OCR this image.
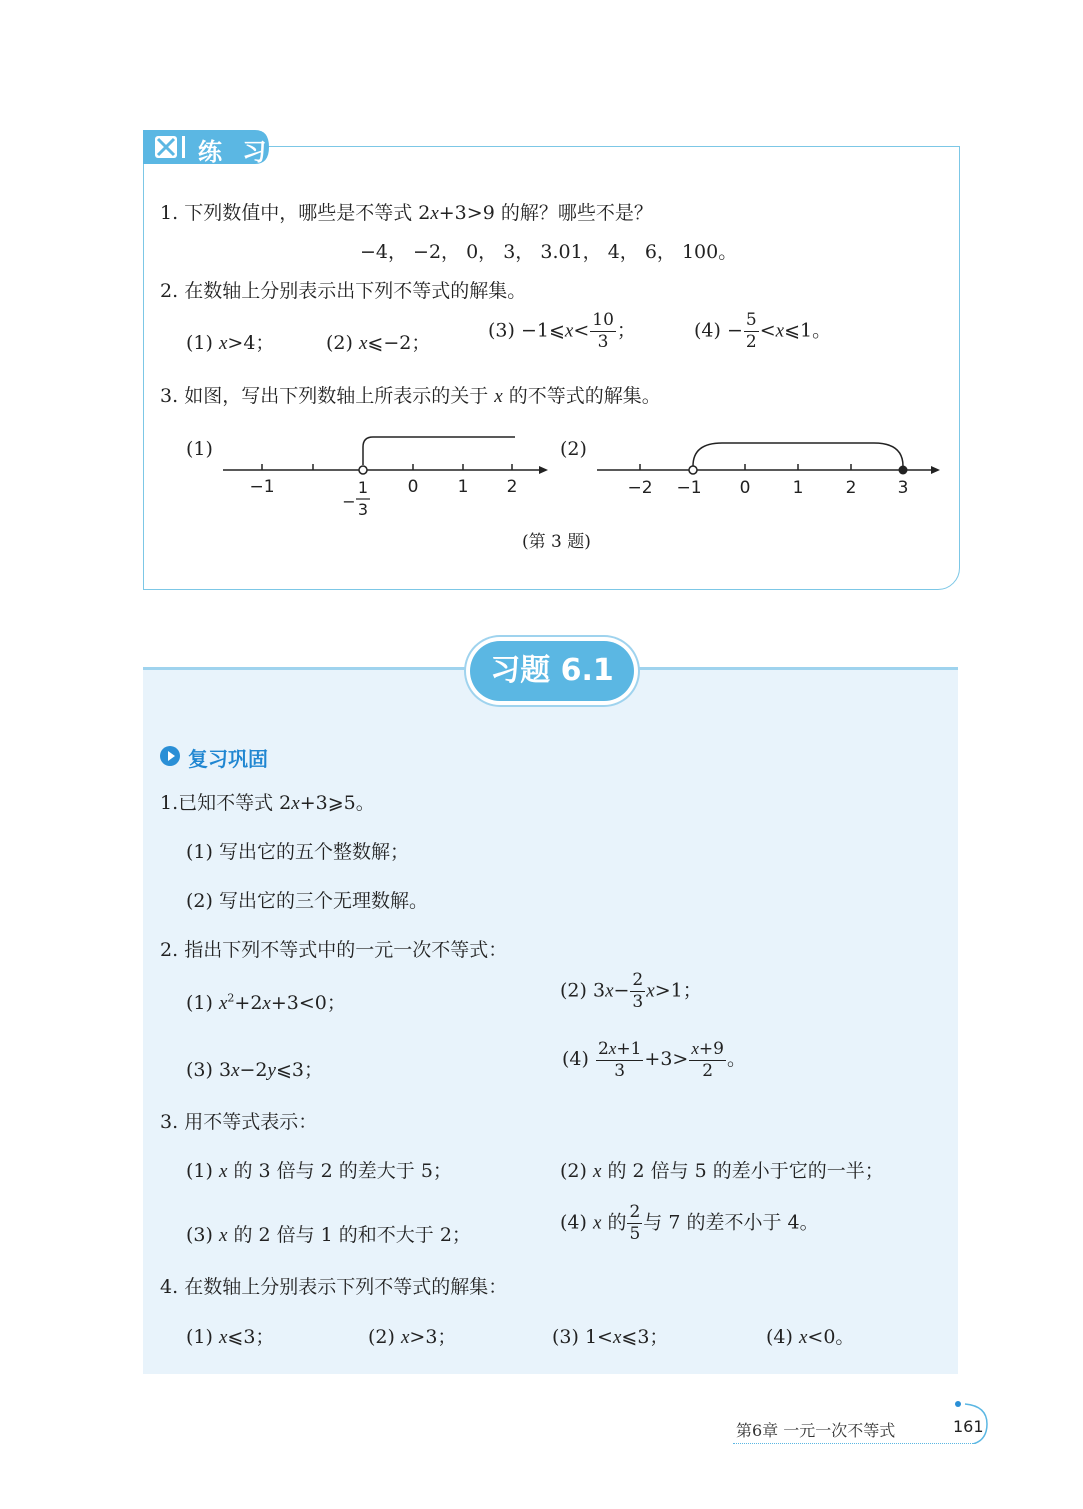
练 习
1. 下列数值中，哪些是不等式 2x+3>9 的解？哪些不是？
−4， −2， 0， 3， 3.01， 4， 6， 100。
2. 在数轴上分别表示出下列不等式的解集。
(1) x>4；	(2) x⩽−2；
(3) −1⩽x< $\frac{10}{3}$ ；	$(4) - \frac{5}{2}$ <x⩽1。
3. 如图，写出下列数轴上所表示的关于 x 的不等式的解集。
(1)	(2)
−1	0 1 2
1
− 3
−2 −1 0 1 2 3
(第 3 题)
习题 6.1
复习巩固
1.已知不等式 2x+3⩾5。
(1) 写出它的五个整数解；
(2) 写出它的三个无理数解。
2. 指出下列不等式中的一元一次不等式：
(1) $x^2+2x+3<0$；
(2) $3x- \frac{2}{3} x>1$；
(3) 3x−2y⩽3；	$(4) \frac{2x+1}{3} +3> \frac{x+9}{2}$ 。
3. 用不等式表示：
(1) x 的 3 倍与 2 的差大于 5；	(2) x 的 2 倍与 5 的差小于它的一半；
(3) x 的 2 倍与 1 的和不大于 2；
(4) x 的 $\frac{2}{5}$ 与 7 的差不小于 4。
4. 在数轴上分别表示下列不等式的解集：
(1) x⩽3；	(2) x>3；	(3) 1<x⩽3；	(4) x<0。
第6章 一元一次不等式	161
